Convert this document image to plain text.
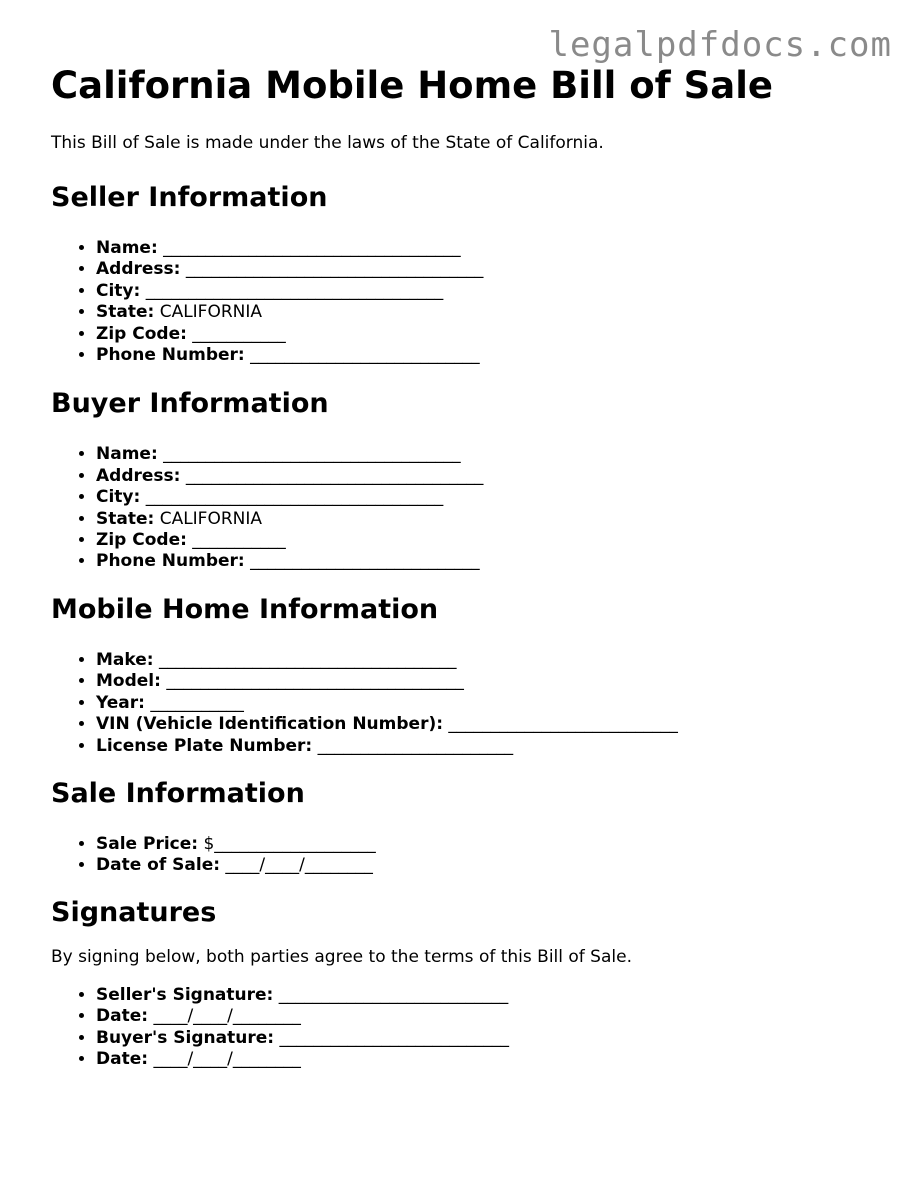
legalpdfdocs.com
California Mobile Home Bill of Sale

This Bill of Sale is made under the laws of the State of California.

Seller Information
• Name: ___________________________________
• Address: ___________________________________
• City: ___________________________________
• State: CALIFORNIA
• Zip Code: ___________
• Phone Number: ___________________________
Buyer Information
• Name: ___________________________________
• Address: ___________________________________
• City: ___________________________________
• State: CALIFORNIA
• Zip Code: ___________
• Phone Number: ___________________________
Mobile Home Information
• Make: ___________________________________
• Model: ___________________________________
• Year: ___________
• VIN (Vehicle Identification Number): ___________________________
• License Plate Number: _______________________
Sale Information
• Sale Price: $___________________
• Date of Sale: ____/____/________
Signatures

By signing below, both parties agree to the terms of this Bill of Sale.

• Seller's Signature: ___________________________
• Date: ____/____/________
• Buyer's Signature: ___________________________
• Date: ____/____/________
